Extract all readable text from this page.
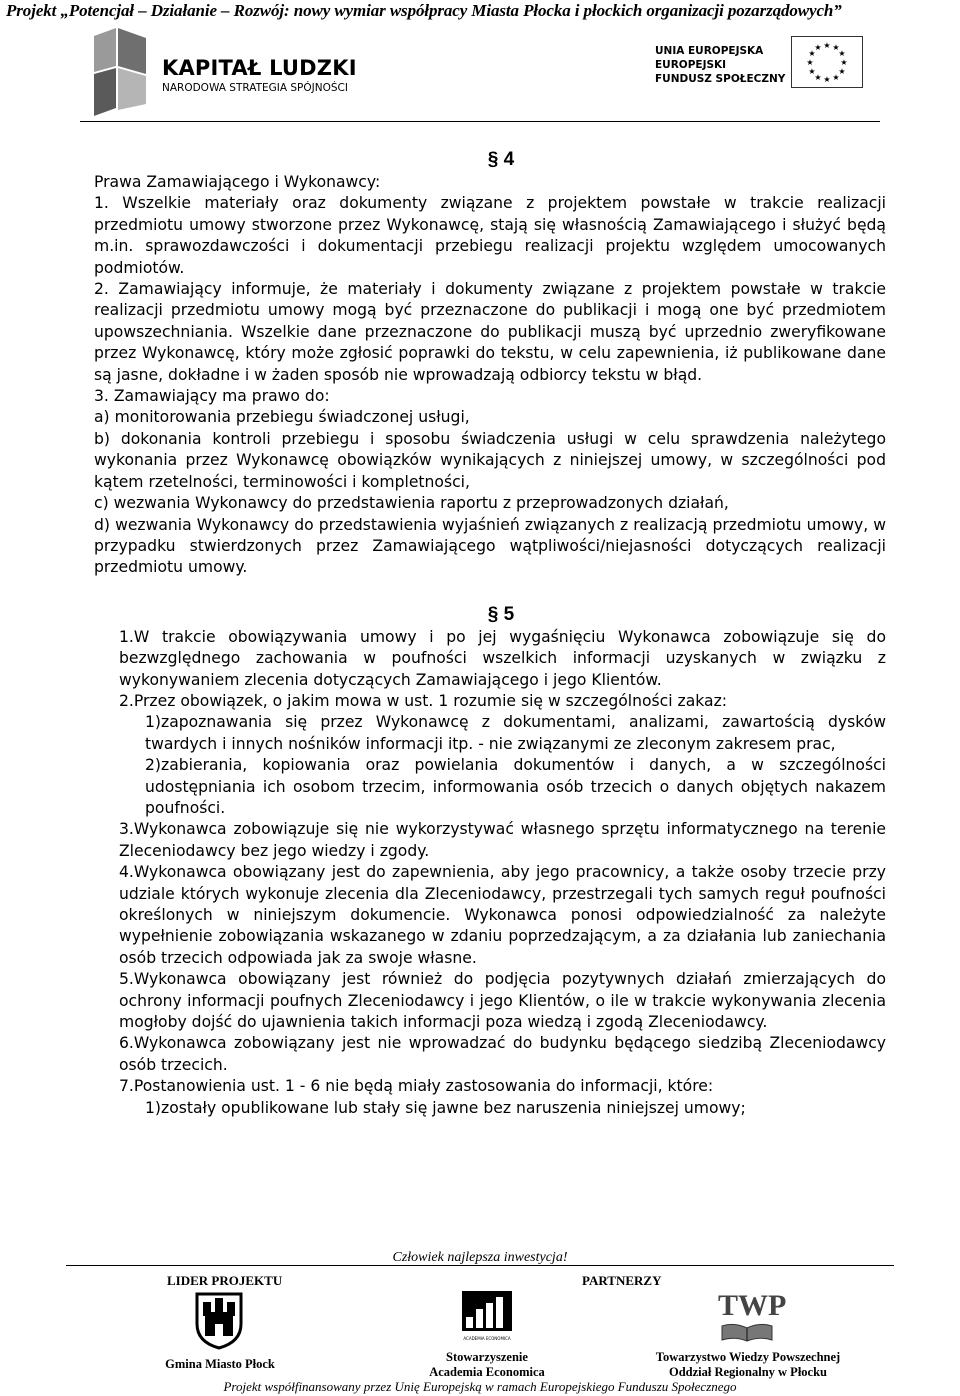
Projekt „Potencjał – Działanie – Rozwój: nowy wymiar współpracy Miasta Płocka i płockich organizacji pozarządowych”
KAPITAŁ LUDZKI
NARODOWA STRATEGIA SPÓJNOŚCI
UNIA EUROPEJSKA
EUROPEJSKI
FUNDUSZ SPOŁECZNY
★ ★
★
★
★
★
★
★
★
★
★
★
§ 4

Prawa Zamawiającego i Wykonawcy:

1. Wszelkie materiały oraz dokumenty związane z projektem powstałe w trakcie realizacji przedmiotu umowy stworzone przez Wykonawcę, stają się własnością Zamawiającego i służyć będą m.in. sprawozdawczości i dokumentacji przebiegu realizacji projektu względem umocowanych podmiotów.

2. Zamawiający informuje, że materiały i dokumenty związane z projektem powstałe w trakcie realizacji przedmiotu umowy mogą być przeznaczone do publikacji i mogą one być przedmiotem upowszechniania. Wszelkie dane przeznaczone do publikacji muszą być uprzednio zweryfikowane przez Wykonawcę, który może zgłosić poprawki do tekstu, w celu zapewnienia, iż publikowane dane są jasne, dokładne i w żaden sposób nie wprowadzają odbiorcy tekstu w błąd.

3. Zamawiający ma prawo do:

a) monitorowania przebiegu świadczonej usługi,

b) dokonania kontroli przebiegu i sposobu świadczenia usługi w celu sprawdzenia należytego wykonania przez Wykonawcę obowiązków wynikających z niniejszej umowy, w szczególności pod kątem rzetelności, terminowości i kompletności,

c) wezwania Wykonawcy do przedstawienia raportu z przeprowadzonych działań,

d) wezwania Wykonawcy do przedstawienia wyjaśnień związanych z realizacją przedmiotu umowy, w przypadku stwierdzonych przez Zamawiającego wątpliwości/niejasności dotyczących realizacji przedmiotu umowy.

§ 5

1.W trakcie obowiązywania umowy i po jej wygaśnięciu Wykonawca zobowiązuje się do bezwzględnego zachowania w poufności wszelkich informacji uzyskanych w związku z wykonywaniem zlecenia dotyczących Zamawiającego i jego Klientów.

2.Przez obowiązek, o jakim mowa w ust. 1 rozumie się w szczególności zakaz:

1)zapoznawania się przez Wykonawcę z dokumentami, analizami, zawartością dysków twardych i innych nośników informacji itp. - nie związanymi ze zleconym zakresem prac,

2)zabierania, kopiowania oraz powielania dokumentów i danych, a w szczególności udostępniania ich osobom trzecim, informowania osób trzecich o danych objętych nakazem poufności.

3.Wykonawca zobowiązuje się nie wykorzystywać własnego sprzętu informatycznego na terenie Zleceniodawcy bez jego wiedzy i zgody.

4.Wykonawca obowiązany jest do zapewnienia, aby jego pracownicy, a także osoby trzecie przy udziale których wykonuje zlecenia dla Zleceniodawcy, przestrzegali tych samych reguł poufności określonych w niniejszym dokumencie. Wykonawca ponosi odpowiedzialność za należyte wypełnienie zobowiązania wskazanego w zdaniu poprzedzającym, a za działania lub zaniechania osób trzecich odpowiada jak za swoje własne.

5.Wykonawca obowiązany jest również do podjęcia pozytywnych działań zmierzających do ochrony informacji poufnych Zleceniodawcy i jego Klientów, o ile w trakcie wykonywania zlecenia mogłoby dojść do ujawnienia takich informacji poza wiedzą i zgodą Zleceniodawcy.

6.Wykonawca zobowiązany jest nie wprowadzać do budynku będącego siedzibą Zleceniodawcy osób trzecich.

7.Postanowienia ust. 1 - 6 nie będą miały zastosowania do informacji, które:

1)zostały opublikowane lub stały się jawne bez naruszenia niniejszej umowy;

Człowiek najlepsza inwestycja!
LIDER PROJEKTU	PARTNERZY
Gmina Miasto Płock
ACADEMIA ECONOMICA
Stowarzyszenie
Academia Economica
TWP
Towarzystwo Wiedzy Powszechnej
Oddział Regionalny w Płocku
Projekt współfinansowany przez Unię Europejską w ramach Europejskiego Funduszu Społecznego
